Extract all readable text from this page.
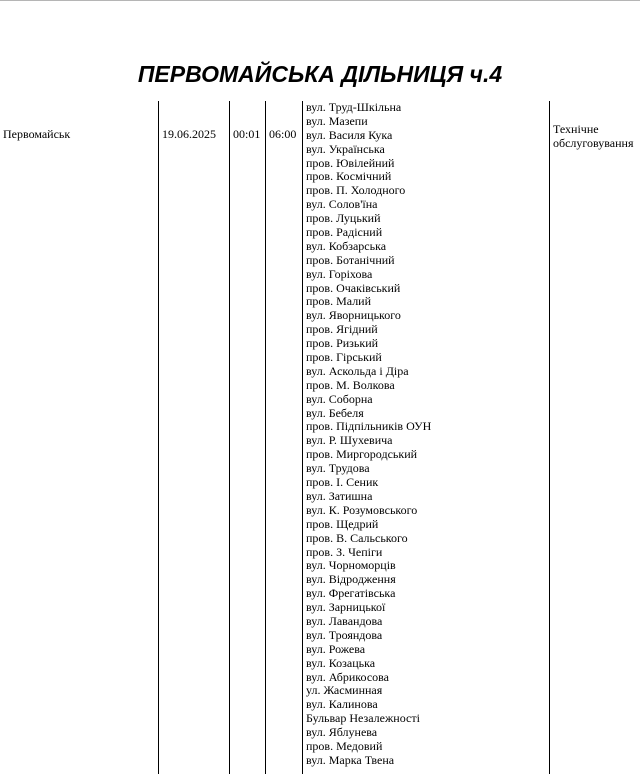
ПЕРВОМАЙСЬКА ДІЛЬНИЦЯ ч.4
Первомайськ	19.06.2025 00:01 06:00
вул. Труд-Шкільна
вул. Мазепи
вул. Василя Кука
вул. Українська
пров. Ювілейний
пров. Космічний
пров. П. Холодного
вул. Солов'їна
пров. Луцький
пров. Радісний
вул. Кобзарська
пров. Ботанічний
вул. Горіхова
пров. Очаківський
пров. Малий
вул. Яворницького
пров. Ягідний
пров. Ризький
пров. Гірський
вул. Аскольда і Діра
пров. М. Волкова
вул. Соборна
вул. Бебеля
пров. Підпільників ОУН
вул. Р. Шухевича
пров. Миргородський
вул. Трудова
пров. І. Сеник
вул. Затишна
вул. К. Розумовського
пров. Щедрий
пров. В. Сальського
пров. З. Чепіги
вул. Чорноморців
вул. Відродження
вул. Фрегатівська
вул. Зарницької
вул. Лавандова
вул. Трояндова
вул. Рожева
вул. Козацька
вул. Абрикосова
ул. Жасминная
вул. Калинова
Бульвар Незалежності
вул. Яблунева
пров. Медовий
вул. Марка Твена
Технічне обслуговування
